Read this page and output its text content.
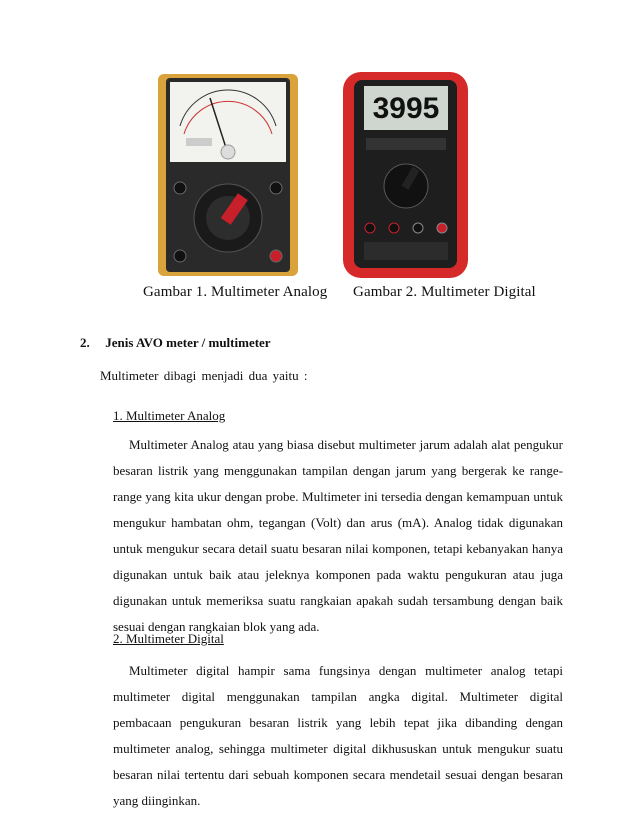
3995
Gambar 1. Multimeter Analog Gambar 2. Multimeter Digital
2. Jenis AVO meter / multimeter
Multimeter dibagi menjadi dua yaitu :
1. Multimeter Analog

Multimeter Analog atau yang biasa disebut multimeter jarum adalah alat pengukur besaran listrik yang menggunakan tampilan dengan jarum yang bergerak ke range-range yang kita ukur dengan probe. Multimeter ini tersedia dengan kemampuan untuk mengukur hambatan ohm, tegangan (Volt) dan arus (mA). Analog tidak digunakan untuk mengukur secara detail suatu besaran nilai komponen, tetapi kebanyakan hanya digunakan untuk baik atau jeleknya komponen pada waktu pengukuran atau juga digunakan untuk memeriksa suatu rangkaian apakah sudah tersambung dengan baik sesuai dengan rangkaian blok yang ada.

2. Multimeter Digital

Multimeter digital hampir sama fungsinya dengan multimeter analog tetapi multimeter digital menggunakan tampilan angka digital. Multimeter digital pembacaan pengukuran besaran listrik yang lebih tepat jika dibanding dengan multimeter analog, sehingga multimeter digital dikhususkan untuk mengukur suatu besaran nilai tertentu dari sebuah komponen secara mendetail sesuai dengan besaran yang diinginkan.
